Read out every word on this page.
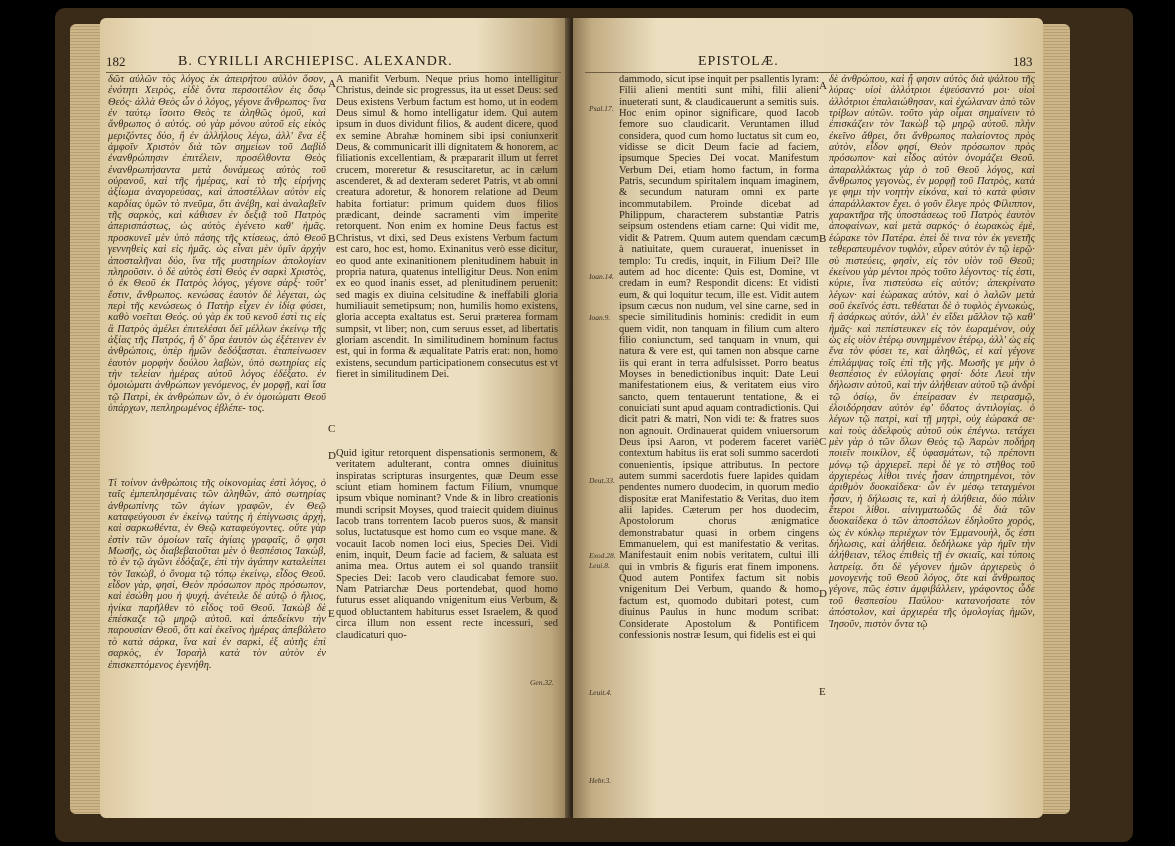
182	B. CYRILLI ARCHIEPISC. ALEXANDR.

δῶτ αὐλῶν τὸς λόγος ἐκ ἀπειρήτου αὐλὸν ὅσον, ἐνότητι Χειρὸς, εἰδὲ ὄντα περσοιτέλον ἐις ὅσῳ Θεός· ἀλλὰ Θεὸς ὧν ὁ λόγος, γέγονε ἄνθρωπος· ἵνα ἐν ταύτῳ ἴσοιτο Θεὸς τε ἀληθῶς ὁμοῦ, καὶ ἄνθρωπος ὁ αὐτός. οὐ γὰρ μόνου αὐτοῦ εἰς εἰκὸς μεριζόντες δύο, ἢ ἐν ἀλλήλους λέγω, ἀλλ' ἕνα ἐξ ἀμφοῖν Χριστὸν διὰ τῶν σημείων τοῦ Δαβὶδ ἐνανθρώπησιν ἐπιτέλειν, προσέλθοντα Θεὸς ἐνανθρωπήσαντα μετὰ δυνάμεως αὐτὸς τοῦ οὐρανοῦ, καὶ τῆς ἡμέρας, καὶ τὸ τῆς εἰρήνης ἀξίωμα ἀναγορεύσας, καὶ ἀποστέλλων αὐτὸν εἰς καρδίας ὑμῶν τὸ πνεῦμα, ὅτι ἀνέβη, καὶ ἀναλαβεῖν τῆς σαρκὸς, καὶ κάθισεν ἐν δεξιᾷ τοῦ Πατρὸς ἀπερισπάστως, ὡς αὐτὸς ἐγένετο καθ' ἡμᾶς. προσκυνεῖ μὲν ὑπὸ πάσης τῆς κτίσεως, ἀπὸ Θεοῦ γεννηθεὶς καὶ εἰς ἡμᾶς. ὡς εἶναι μὲν ὑμῖν ἀρχὴν ἀποσταλῆναι δύο, ἵνα τῆς μυστηρίων ἀπολογίαν πληροῦσιν. ὁ δὲ αὐτὸς ἐστὶ Θεὸς ἐν σαρκὶ Χριστὸς, ὁ ἐκ Θεοῦ ἐκ Πατρὸς λόγος, γέγονε σὰρξ· τοῦτ' ἔστιν, ἄνθρωπος. κενώσας ἑαυτὸν δὲ λέγεται, ὡς περὶ τῆς κενώσεως ὁ Πατὴρ εἶχεν ἐν ἰδίᾳ φύσει, καθὸ νοεῖται Θεός. οὐ γὰρ ἐκ τοῦ κενοῦ ἐστὶ τις εἰς ἃ Πατρὸς ἀμέλει ἐπιτελέσαι δεῖ μέλλων ἐκείνῳ τῆς ἀξίας τῆς Πατρός, ἢ δ' ὅρα ἑαυτὸν ὡς ἐξέτεινεν ἐν ἀνθρώποις, ὑπὲρ ἡμῶν δεδόξασται. ἐταπείνωσεν ἑαυτὸν μορφὴν δούλου λαβὼν, ὑπὸ σωτηρίας εἰς τὴν τελείαν ἡμέρας αὐτοῦ λόγος ἐδέξατο. ἐν ὁμοιώματι ἀνθρώπων γενόμενος, ἐν μορφῇ, καὶ ἴσα τῷ Πατρὶ, ἐκ ἀνθρώπων ὤν, ὁ ἐν ὁμοιώματι Θεοῦ ὑπάρχων, πεπληρωμένος ἐβλέπε- τος.

Τί τοίνυν ἀνθρώποις τῆς οἰκονομίας ἐστὶ λόγος, ὁ ταῖς ἐμπεπλησμέναις τῶν ἀληθῶν, ἀπὸ σωτηρίας ἀνθρωπίνης τῶν ἁγίων γραφῶν, ἐν Θεῷ καταφεύγουσι ἐν ἐκείνῳ ταύτης ἡ ἐπίγνωσις ἀρχὴ, καὶ σαρκωθέντα, ἐν Θεῷ καταφεύγοντες. οὔτε γὰρ ἐστὶν τῶν ὁμοίων ταῖς ἁγίαις γραφαῖς, ὃ φησι Μωσῆς, ὡς διαβεβαιοῦται μὲν ὁ θεσπέσιος Ἰακὼβ, τὸ ἐν τῷ ἀγῶνι ἐδόξαζε, ἐπὶ τὴν ἀγάπην καταλείπει τὸν Ἰακὼβ, ὁ ὄνομα τῷ τόπῳ ἐκείνῳ, εἶδος Θεοῦ. εἶδον γὰρ, φησί, Θεὸν πρόσωπον πρὸς πρόσωπον, καὶ ἐσώθη μου ἡ ψυχή. ἀνέτειλε δὲ αὐτῷ ὁ ἥλιος, ἡνίκα παρῆλθεν τὸ εἶδος τοῦ Θεοῦ. Ἰακὼβ δὲ ἐπέσκαζε τῷ μηρῷ αὐτοῦ. καὶ ἀπεδείκνυ τὴν παρουσίαν Θεοῦ, ὅτι καὶ ἐκεῖνος ἡμέρας ἀπεβάλετο τὸ κατὰ σάρκα, ἵνα καὶ ἐν σαρκὶ, ἐξ αὐτῆς ἐπὶ σαρκὸς, ἐν Ἰσραὴλ κατὰ τὸν αὐτὸν ἐν ἐπισκεπτόμενος ἐγενήθη.

A manifit Verbum. Neque prius homo intelligitur Christus, deinde sic progressus, ita ut esset Deus: sed Deus existens Verbum factum est homo, ut in eodem Deus simul & homo intelligatur idem. Qui autem ipsum in duos dividunt filios, & audent dicere, quod ex semine Abrahæ hominem sibi ipsi coniunxerit Deus, & communicarit illi dignitatem & honorem, ac filiationis excellentiam, & præpararit illum ut ferret crucem, moreretur & resuscitaretur, ac in cælum ascenderet, & ad dexteram sederet Patris, vt ab omni creatura adoretur, & honorem relatione ad Deum habita fortiatur: primum quidem duos filios prædicant, deinde sacramenti vim imperite retorquent. Non enim ex homine Deus factus est Christus, vt dixi, sed Deus existens Verbum factum est caro, hoc est, homo. Exinanitus verò esse dicitur, eo quod ante exinanitionem plenitudinem habuit in propria natura, quatenus intelligitur Deus. Non enim ex eo quod inanis esset, ad plenitudinem peruenit: sed magis ex diuina celsitudine & ineffabili gloria humiliauit semetipsum; non, humilis homo existens, gloria accepta exaltatus est. Serui præterea formam sumpsit, vt liber; non, cum seruus esset, ad libertatis gloriam ascendit. In similitudinem hominum factus est, qui in forma & æqualitate Patris erat: non, homo existens, secundum participationem consecutus est vt fieret in similitudinem Dei.

Quid igitur retorquent dispensationis sermonem, & veritatem adulterant, contra omnes diuinitus inspiratas scripturas insurgentes, quæ Deum esse sciunt etiam hominem factum Filium, vnumque ipsum vbique nominant? Vnde & in libro creationis mundi scripsit Moyses, quod traiecit quidem diuinus Iacob trans torrentem Iacob pueros suos, & mansit solus, luctatusque est homo cum eo vsque mane. & vocauit Iacob nomen loci eius, Species Dei. Vidi enim, inquit, Deum facie ad faciem, & saluata est anima mea. Ortus autem ei sol quando transiit Species Dei: Iacob vero claudicabat femore suo. Nam Patriarchæ Deus portendebat, quod homo futurus esset aliquando vnigenitum eius Verbum, & quod obluctantem habiturus esset Israelem, & quod circa illum non essent recte incessuri, sed claudicaturi quo-

A
B
C
D
E
Gen.32.
EPISTOLÆ.	183

dammodo, sicut ipse inquit per psallentis lyram: Filii alieni mentiti sunt mihi, filii alieni inueterati sunt, & claudicauerunt a semitis suis. Hoc enim opinor significare, quod Iacob femore suo claudicarit. Veruntamen illud considera, quod cum homo luctatus sit cum eo, vidisse se dicit Deum facie ad faciem, ipsumque Species Dei vocat. Manifestum Verbum Dei, etiam homo factum, in forma Patris, secundum spiritalem inquam imaginem, & secundum naturam omni ex parte incommutabilem. Proinde dicebat ad Philippum, characterem substantiæ Patris seipsum ostendens etiam carne: Qui vidit me, vidit & Patrem. Quum autem quendam cæcum à natiuitate, quem curauerat, inuenisset in templo: Tu credis, inquit, in Filium Dei? Ille autem ad hoc dicente: Quis est, Domine, vt credam in eum? Respondit dicens: Et vidisti eum, & qui loquitur tecum, ille est. Vidit autem ipsum cæcus non nudum, vel sine carne, sed in specie similitudinis hominis: credidit in eum quem vidit, non tanquam in filium cum altero filio coniunctum, sed tanquam in vnum, qui natura & vere est, qui tamen non absque carne iis qui erant in terra adfulsisset. Porro beatus Moyses in benedictionibus inquit: Date Leui manifestationem eius, & veritatem eius viro sancto, quem tentauerunt tentatione, & ei conuiciati sunt apud aquam contradictionis. Qui dicit patri & matri, Non vidi te: & fratres suos non agnouit. Ordinauerat quidem vniuersorum Deus ipsi Aaron, vt poderem faceret variè contextum habitus iis erat soli summo sacerdoti conuenientis, ipsique attributus. In pectore autem summi sacerdotis fuere lapides quidam pendentes numero duodecim, in quorum medio dispositæ erat Manifestatio & Veritas, duo item alii lapides. Cæterum per hos duodecim, Apostolorum chorus ænigmatice demonstrabatur quasi in orbem cingens Emmanuelem, qui est manifestatio & veritas. Manifestauit enim nobis veritatem, cultui illi qui in vmbris & figuris erat finem imponens. Quod autem Pontifex factum sit nobis vnigenitum Dei Verbum, quando & homo factum est, quomodo dubitari potest, cum diuinus Paulus in hunc modum scribat: Considerate Apostolum & Pontificem confessionis nostræ Iesum, qui fidelis est ei qui

δὲ ἀνθρώπου, καὶ ᾗ φησιν αὐτὸς διὰ ψάλτου τῆς λύρας· υἱοὶ ἀλλότριοι ἐψεύσαντό μοι· υἱοὶ ἀλλότριοι ἐπαλαιώθησαν, καὶ ἐχώλαναν ἀπὸ τῶν τρίβων αὐτῶν. τοῦτο γὰρ οἶμαι σημαίνειν τὸ ἐπισκάζειν τὸν Ἰακὼβ τῷ μηρῷ αὐτοῦ. πλὴν ἐκεῖνο ἄθρει, ὅτι ἄνθρωπος παλαίοντος πρὸς αὐτὸν, εἶδον φησί, Θεὸν πρόσωπον πρὸς πρόσωπον· καὶ εἶδος αὐτὸν ὀνομάζει Θεοῦ. ἀπαραλλάκτως γὰρ ὁ τοῦ Θεοῦ λόγος, καὶ ἄνθρωπος γεγονὼς, ἐν μορφῇ τοῦ Πατρὸς, κατὰ γε φημι τὴν νοητὴν εἰκόνα, καὶ τὸ κατὰ φύσιν ἀπαράλλακτον ἔχει. ὁ γοῦν ἔλεγε πρὸς Φίλιππον, χαρακτῆρα τῆς ὑποστάσεως τοῦ Πατρὸς ἑαυτὸν ἀποφαίνων, καὶ μετὰ σαρκός· ὁ ἑωρακὼς ἐμὲ, ἑώρακε τὸν Πατέρα. ἐπεὶ δὲ τινα τὸν ἐκ γενετῆς τεθεραπευμένον τυφλὸν, εὗρεν αὐτὸν ἐν τῷ ἱερῷ· σὺ πιστεύεις, φησὶν, εἰς τὸν υἱὸν τοῦ Θεοῦ; ἐκείνου γὰρ μέντοι πρὸς τοῦτο λέγοντος· τίς ἐστι, κύριε, ἵνα πιστεύσω εἰς αὐτόν; ἀπεκρίνατο λέγων· καὶ ἑώρακας αὐτὸν, καὶ ὁ λαλῶν μετὰ σοῦ ἐκεῖνός ἐστι. τεθέαται δὲ ὁ τυφλὸς ἐγνωκὼς, ἢ ἀσάρκως αὐτόν, ἀλλ' ἐν εἴδει μᾶλλον τῷ καθ' ἡμᾶς· καὶ πεπίστευκεν εἰς τὸν ἑωραμένον, οὐχ ὡς εἰς υἱὸν ἑτέρῳ συνημμένον ἑτέρῳ, ἀλλ' ὡς εἰς ἕνα τὸν φύσει τε, καὶ ἀληθῶς, εἰ καὶ γέγονε ἐπιλάμψας τοῖς ἐπὶ τῆς γῆς. Μωσῆς γε μὴν ὁ θεσπέσιος ἐν εὐλογίαις φησί· δότε Λευὶ τὴν δήλωσιν αὐτοῦ, καὶ τὴν ἀλήθειαν αὐτοῦ τῷ ἀνδρὶ τῷ ὁσίῳ, ὃν ἐπείρασαν ἐν πειρασμῷ, ἐλοιδόρησαν αὐτὸν ἐφ' ὕδατος ἀντιλογίας. ὁ λέγων τῷ πατρὶ, καὶ τῇ μητρὶ, οὐχ ἑώρακά σε· καὶ τοὺς ἀδελφοὺς αὐτοῦ οὐκ ἐπέγνω. τετάχει μὲν γὰρ ὁ τῶν ὅλων Θεὸς τῷ Ἀαρὼν ποδήρη ποιεῖν ποικίλον, ἐξ ὑφασμάτων, τῷ πρέποντι μόνῳ τῷ ἀρχιερεῖ. περὶ δὲ γε τὸ στῆθος τοῦ ἀρχιερέως λίθοι τινὲς ἦσαν ἀπηρτημένοι, τὸν ἀριθμὸν δυοκαίδεκα· ὧν ἐν μέσῳ τεταγμένοι ἦσαν, ἡ δήλωσις τε, καὶ ἡ ἀλήθεια, δύο πάλιν ἕτεροι λίθοι. αἰνιγματωδῶς δὲ διὰ τῶν δυοκαίδεκα ὁ τῶν ἀποστόλων ἐδηλοῦτο χορός, ὡς ἐν κύκλῳ περιέχων τὸν Ἐμμανουὴλ, ὅς ἐστι δήλωσις, καὶ ἀλήθεια. δεδήλωκε γὰρ ἡμῖν τὴν ἀλήθειαν, τέλος ἐπιθεὶς τῇ ἐν σκιαῖς, καὶ τύποις λατρείᾳ. ὅτι δὲ γέγονεν ἡμῶν ἀρχιερεὺς ὁ μονογενὴς τοῦ Θεοῦ λόγος, ὅτε καὶ ἄνθρωπος γέγονε, πῶς ἐστιν ἀμφιβάλλειν, γράφοντος ὧδε τοῦ θεσπεσίου Παύλου· κατανοήσατε τὸν ἀπόστολον, καὶ ἀρχιερέα τῆς ὁμολογίας ἡμῶν, Ἰησοῦν, πιστὸν ὄντα τῷ

A
B
C
D
E
Psal.17.
Ioan.14.
Ioan.9.
Deut.33.
Exod.28.
Leui.8.
Leuit.4.
Hebr.3.
